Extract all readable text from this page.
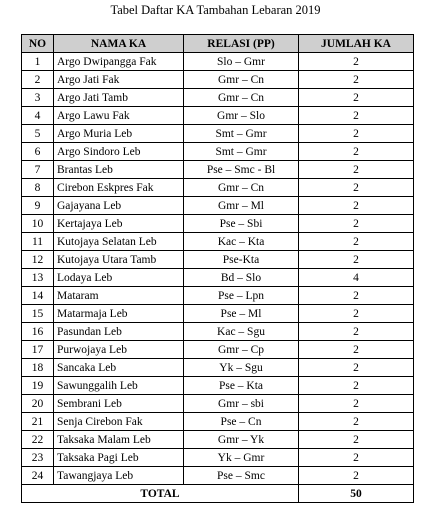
Tabel Daftar KA Tambahan Lebaran 2019
NO	NAMA KA	RELASI (PP)	JUMLAH KA
1	Argo Dwipangga Fak	Slo – Gmr	2
2	Argo Jati Fak	Gmr – Cn	2
3	Argo Jati Tamb	Gmr – Cn	2
4	Argo Lawu Fak	Gmr – Slo	2
5	Argo Muria Leb	Smt – Gmr	2
6	Argo Sindoro Leb	Smt – Gmr	2
7	Brantas Leb	Pse – Smc - Bl	2
8	Cirebon Eskpres Fak	Gmr – Cn	2
9	Gajayana Leb	Gmr – Ml	2
10	Kertajaya Leb	Pse – Sbi	2
11	Kutojaya Selatan Leb	Kac – Kta	2
12	Kutojaya Utara Tamb	Pse-Kta	2
13	Lodaya Leb	Bd – Slo	4
14	Mataram	Pse – Lpn	2
15	Matarmaja Leb	Pse – Ml	2
16	Pasundan Leb	Kac – Sgu	2
17	Purwojaya Leb	Gmr – Cp	2
18	Sancaka Leb	Yk – Sgu	2
19	Sawunggalih Leb	Pse – Kta	2
20	Sembrani Leb	Gmr – sbi	2
21	Senja Cirebon Fak	Pse – Cn	2
22	Taksaka Malam Leb	Gmr – Yk	2
23	Taksaka Pagi Leb	Yk – Gmr	2
24	Tawangjaya Leb	Pse – Smc	2
TOTAL			50
